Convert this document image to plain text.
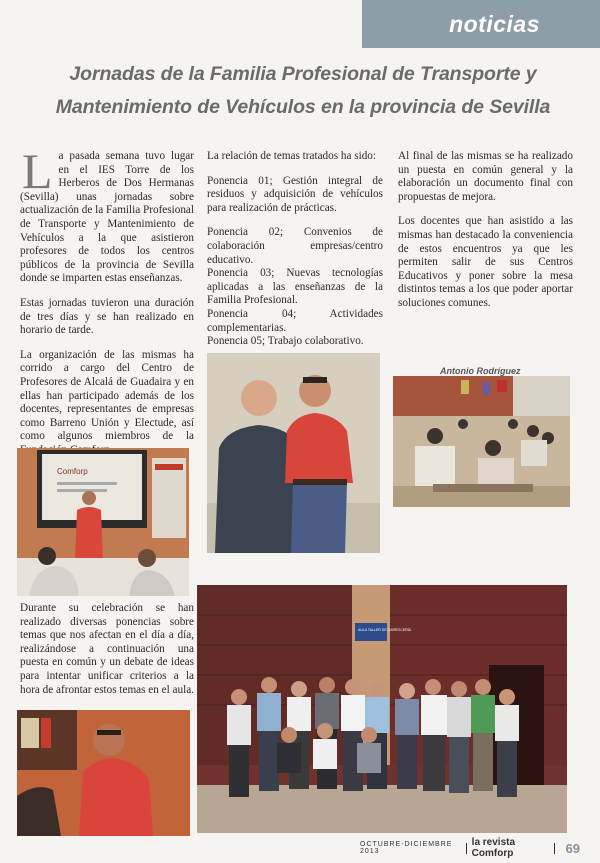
noticias
Jornadas de la Familia Profesional de Transporte y
Mantenimiento de Vehículos en la provincia de Sevilla

La pasada semana tuvo lugar en el IES Torre de los Herberos de Dos Hermanas (Sevilla) unas jornadas sobre actualización de la Familia Profesional de Transporte y Mantenimiento de Vehículos a la que asistieron profesores de todos los centros públicos de la provincia de Sevilla donde se imparten estas enseñanzas.

Estas jornadas tuvieron una duración de tres días y se han realizado en horario de tarde.

La organización de las mismas ha corrido a cargo del Centro de Profesores de Alcalá de Guadaira y en ellas han participado además de los docentes, representantes de empresas como Barreno Unión y Electude, así como algunos miembros de la

La relación de temas tratados ha sido:

Ponencia 01; Gestión integral de residuos y adquisición de vehículos para realización de prácticas.

Ponencia 02; Convenios de colaboración empresas/centro educativo.

Ponencia 03; Nuevas tecnologías aplicadas a las enseñanzas de la Familia Profesional.

Ponencia 04; Actividades complementarias.

Ponencia 05; Trabajo colaborativo.

Al final de las mismas se ha realizado un puesta en común general y la elaboración un documento final con propuestas de mejora.

Los docentes que han asistido a las mismas han destacado la conveniencia de estos encuentros ya que les permiten salir de sus Centros Educativos y poner sobre la mesa distintos temas a los que poder aportar soluciones comunes.

Antonio Rodríguez
Comforp

Durante su celebración se han realizado diversas ponencias sobre temas que nos afectan en el día a día, realizándose a continuación una puesta en común y un debate de ideas para intentar unificar criterios a la hora de afrontar estos temas en el aula.

AULA TALLER DE CARROCERÍA
OCTUBRE-DICIEMBRE 2013
la revista Comforp	69
